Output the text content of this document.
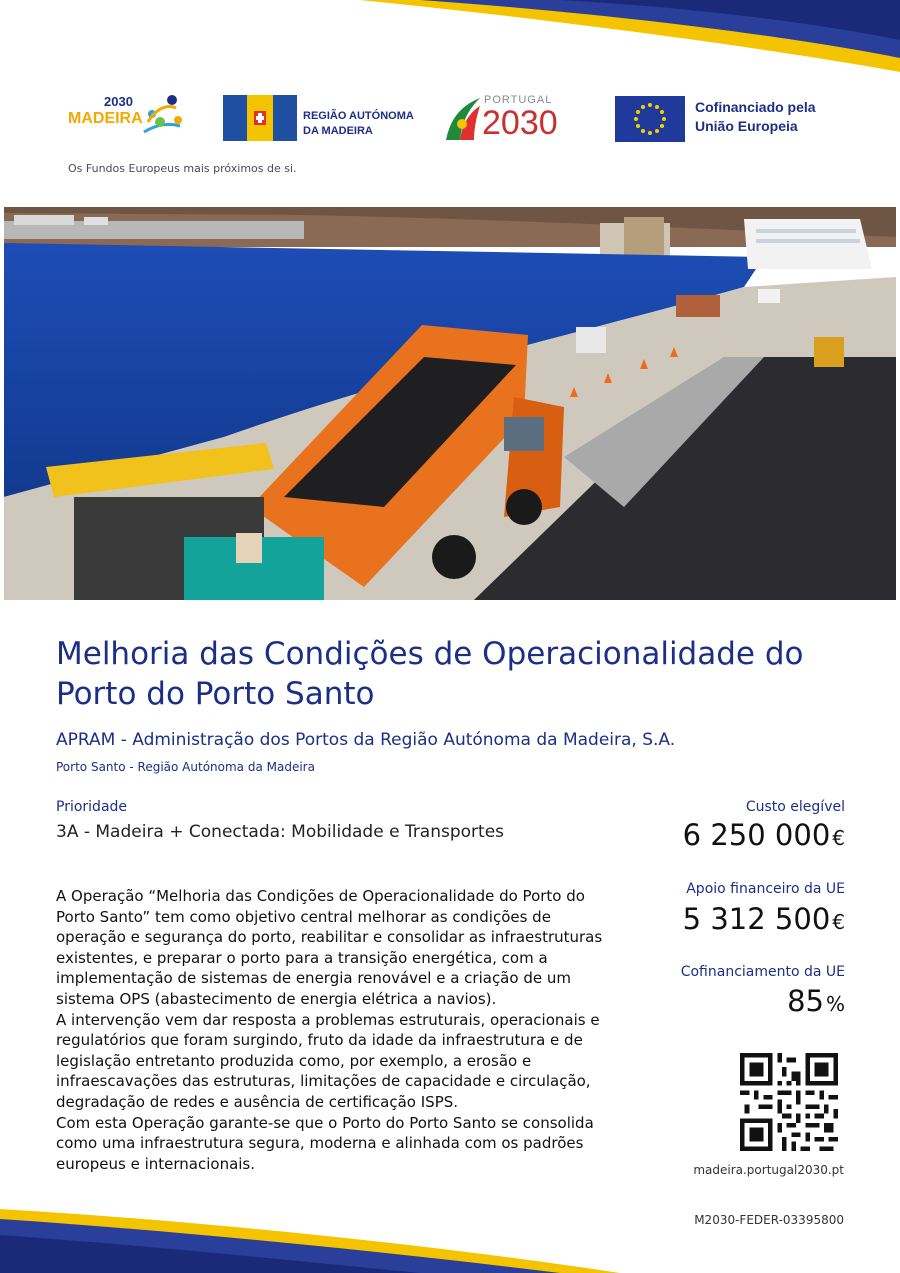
2030
MADEIRA	REGIÃO AUTÓNOMA
DA MADEIRA
PORTUGAL
2030	Cofinanciado pela
União Europeia
Os Fundos Europeus mais próximos de si.
Melhoria das Condições de Operacionalidade do Porto do Porto Santo
APRAM - Administração dos Portos da Região Autónoma da Madeira, S.A.
Porto Santo - Região Autónoma da Madeira
Prioridade
3A - Madeira + Conectada: Mobilidade e Transportes

A Operação “Melhoria das Condições de Operacionalidade do Porto do Porto Santo” tem como objetivo central melhorar as condições de operação e segurança do porto, reabilitar e consolidar as infraestruturas existentes, e preparar o porto para a transição energética, com a implementação de sistemas de energia renovável e a criação de um sistema OPS (abastecimento de energia elétrica a navios).

A intervenção vem dar resposta a problemas estruturais, operacionais e regulatórios que foram surgindo, fruto da idade da infraestrutura e de legislação entretanto produzida como, por exemplo, a erosão e infraescavações das estruturas, limitações de capacidade e circulação, degradação de redes e ausência de certificação ISPS.

Com esta Operação garante-se que o Porto do Porto Santo se consolida como uma infraestrutura segura, moderna e alinhada com os padrões europeus e internacionais.

Custo elegível
6 250 000 €
Apoio financeiro da UE
5 312 500 €
Cofinanciamento da UE
85 %
madeira.portugal2030.pt
M2030-FEDER-03395800
